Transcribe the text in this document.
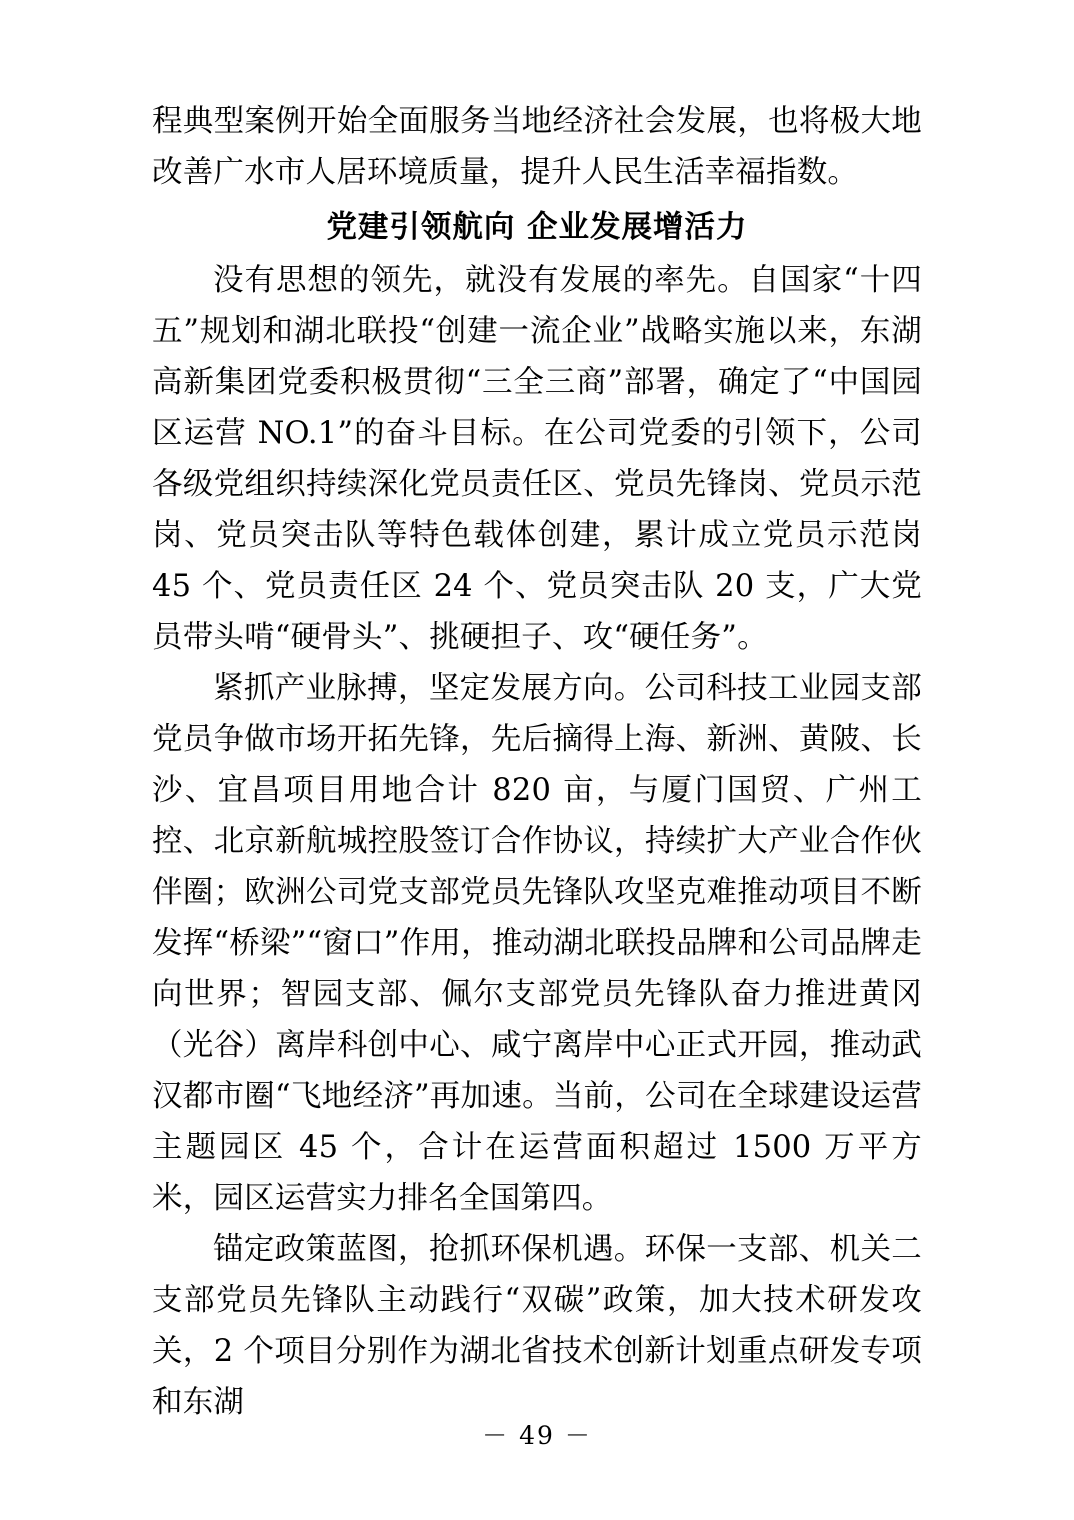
程典型案例开始全面服务当地经济社会发展，也将极大地改善广水市人居环境质量，提升人民生活幸福指数。

党建引领航向 企业发展增活力

没有思想的领先，就没有发展的率先。自国家“十四五”规划和湖北联投“创建一流企业”战略实施以来，东湖高新集团党委积极贯彻“三全三商”部署，确定了“中国园区运营 NO.1”的奋斗目标。在公司党委的引领下，公司各级党组织持续深化党员责任区、党员先锋岗、党员示范岗、党员突击队等特色载体创建，累计成立党员示范岗 45 个、党员责任区 24 个、党员突击队 20 支，广大党员带头啃“硬骨头”、挑硬担子、攻“硬任务”。

紧抓产业脉搏，坚定发展方向。公司科技工业园支部党员争做市场开拓先锋，先后摘得上海、新洲、黄陂、长沙、宜昌项目用地合计 820 亩，与厦门国贸、广州工控、北京新航城控股签订合作协议，持续扩大产业合作伙伴圈；欧洲公司党支部党员先锋队攻坚克难推动项目不断发挥“桥梁”“窗口”作用，推动湖北联投品牌和公司品牌走向世界；智园支部、佩尔支部党员先锋队奋力推进黄冈（光谷）离岸科创中心、咸宁离岸中心正式开园，推动武汉都市圈“飞地经济”再加速。当前，公司在全球建设运营主题园区 45 个，合计在运营面积超过 1500 万平方米，园区运营实力排名全国第四。

锚定政策蓝图，抢抓环保机遇。环保一支部、机关二支部党员先锋队主动践行“双碳”政策，加大技术研发攻关，2 个项目分别作为湖北省技术创新计划重点研发专项和东湖

－ 49 －
